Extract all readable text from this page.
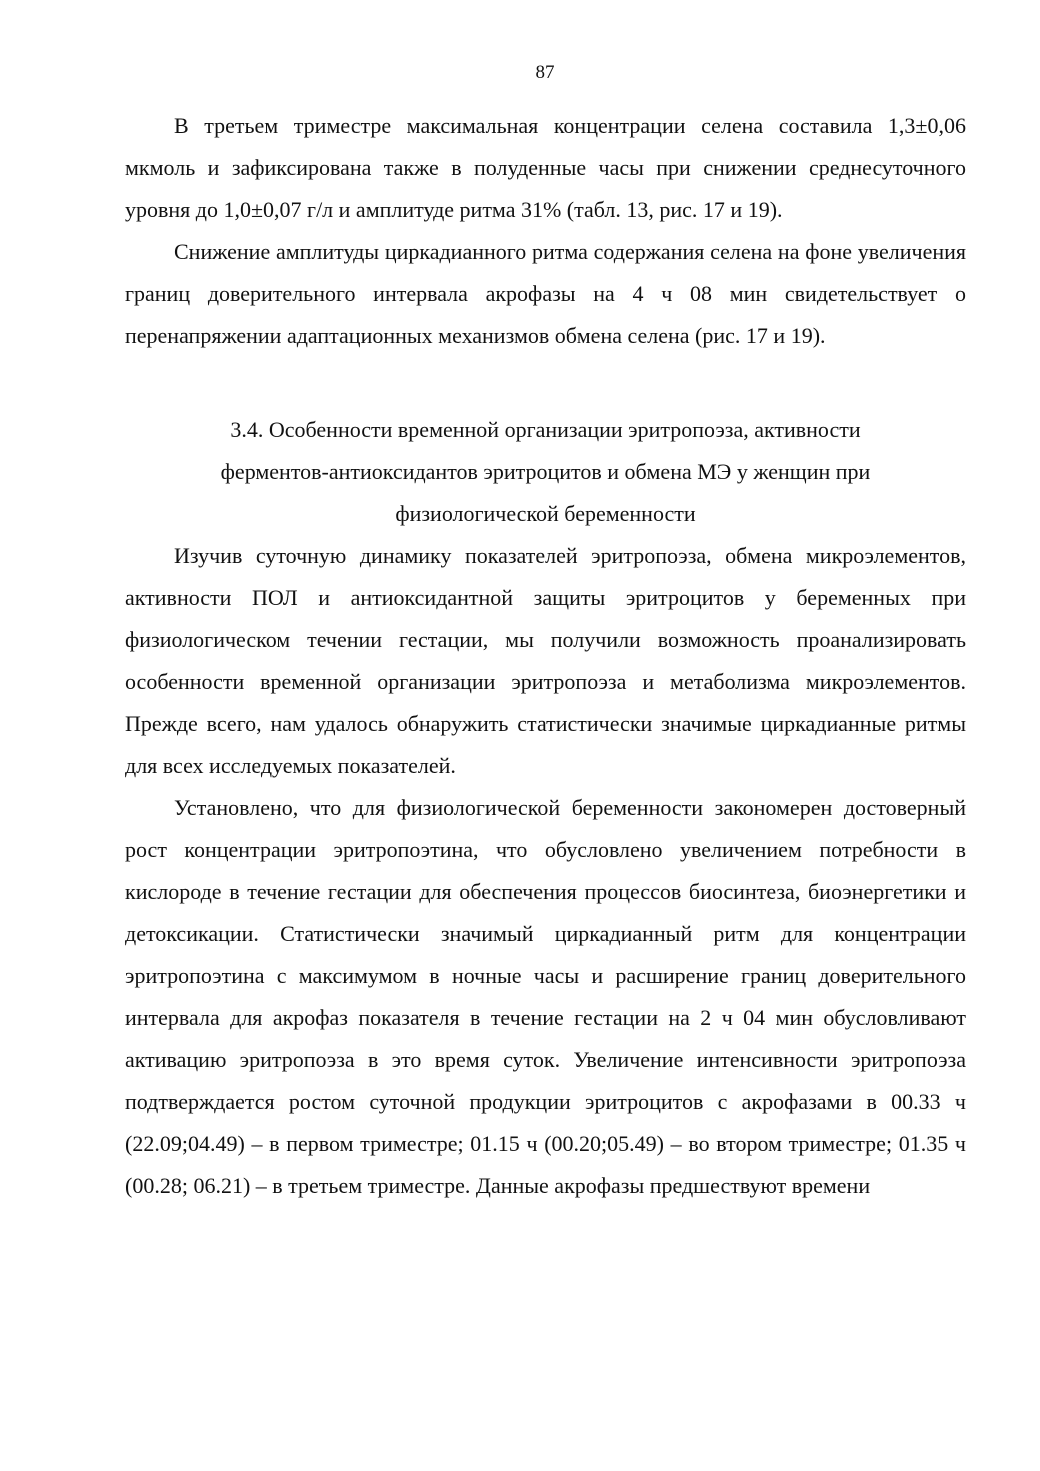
87

В третьем триместре максимальная концентрации селена составила 1,3±0,06 мкмоль и зафиксирована также в полуденные часы при снижении среднесуточного уровня до 1,0±0,07 г/л и амплитуде ритма 31% (табл. 13, рис. 17 и 19).

Снижение амплитуды циркадианного ритма содержания селена на фоне увеличения границ доверительного интервала акрофазы на 4 ч 08 мин свидетельствует о перенапряжении адаптационных механизмов обмена селена (рис. 17 и 19).

3.4. Особенности временной организации эритропоэза, активности
ферментов-антиоксидантов эритроцитов и обмена МЭ у женщин при
физиологической беременности

Изучив суточную динамику показателей эритропоэза, обмена микроэлементов, активности ПОЛ и антиоксидантной защиты эритроцитов у беременных при физиологическом течении гестации, мы получили возможность проанализировать особенности временной организации эритропоэза и метаболизма микроэлементов. Прежде всего, нам удалось обнаружить статистически значимые циркадианные ритмы для всех исследуемых показателей.

Установлено, что для физиологической беременности закономерен достоверный рост концентрации эритропоэтина, что обусловлено увеличением потребности в кислороде в течение гестации для обеспечения процессов биосинтеза, биоэнергетики и детоксикации. Статистически значимый циркадианный ритм для концентрации эритропоэтина с максимумом в ночные часы и расширение границ доверительного интервала для акрофаз показателя в течение гестации на 2 ч 04 мин обусловливают активацию эритропоэза в это время суток. Увеличение интенсивности эритропоэза подтверждается ростом суточной продукции эритроцитов с акрофазами в 00.33 ч (22.09;04.49) – в первом триместре; 01.15 ч (00.20;05.49) – во втором триместре; 01.35 ч (00.28; 06.21) – в третьем триместре. Данные акрофазы предшествуют времени
